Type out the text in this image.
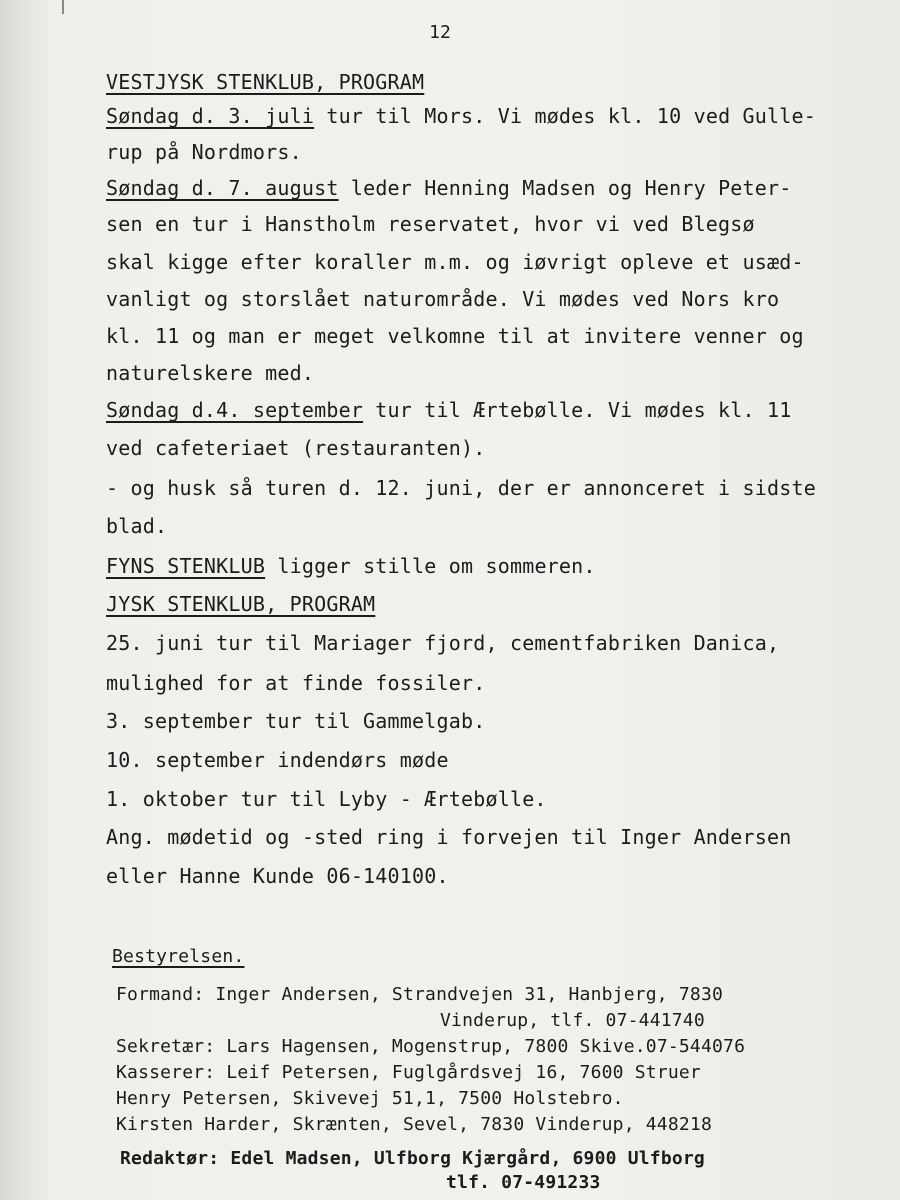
12
VESTJYSK STENKLUB, PROGRAM
Søndag d. 3. juli tur til Mors. Vi mødes kl. 10 ved Gulle-
rup på Nordmors.
Søndag d. 7. august leder Henning Madsen og Henry Peter-
sen en tur i Hanstholm reservatet, hvor vi ved Blegsø
skal kigge efter koraller m.m. og iøvrigt opleve et usæd-
vanligt og storslået naturområde. Vi mødes ved Nors kro
kl. 11 og man er meget velkomne til at invitere venner og
naturelskere med.
Søndag d.4. september tur til Ærtebølle. Vi mødes kl. 11
ved cafeteriaet (restauranten).
- og husk så turen d. 12. juni, der er annonceret i sidste
blad.
FYNS STENKLUB ligger stille om sommeren.
JYSK STENKLUB, PROGRAM
25. juni tur til Mariager fjord, cementfabriken Danica,
mulighed for at finde fossiler.
3. september tur til Gammelgab.
10. september indendørs møde
1. oktober tur til Lyby - Ærtebølle.
Ang. mødetid og -sted ring i forvejen til Inger Andersen
eller Hanne Kunde 06-140100.
Bestyrelsen.
Formand: Inger Andersen, Strandvejen 31, Hanbjerg, 7830
Vinderup, tlf. 07-441740
Sekretær: Lars Hagensen, Mogenstrup, 7800 Skive.07-544076
Kasserer: Leif Petersen, Fuglgårdsvej 16, 7600 Struer
Henry Petersen, Skivevej 51,1, 7500 Holstebro.
Kirsten Harder, Skrænten, Sevel, 7830 Vinderup, 448218
Redaktør: Edel Madsen, Ulfborg Kjærgård, 6900 Ulfborg
tlf. 07-491233
